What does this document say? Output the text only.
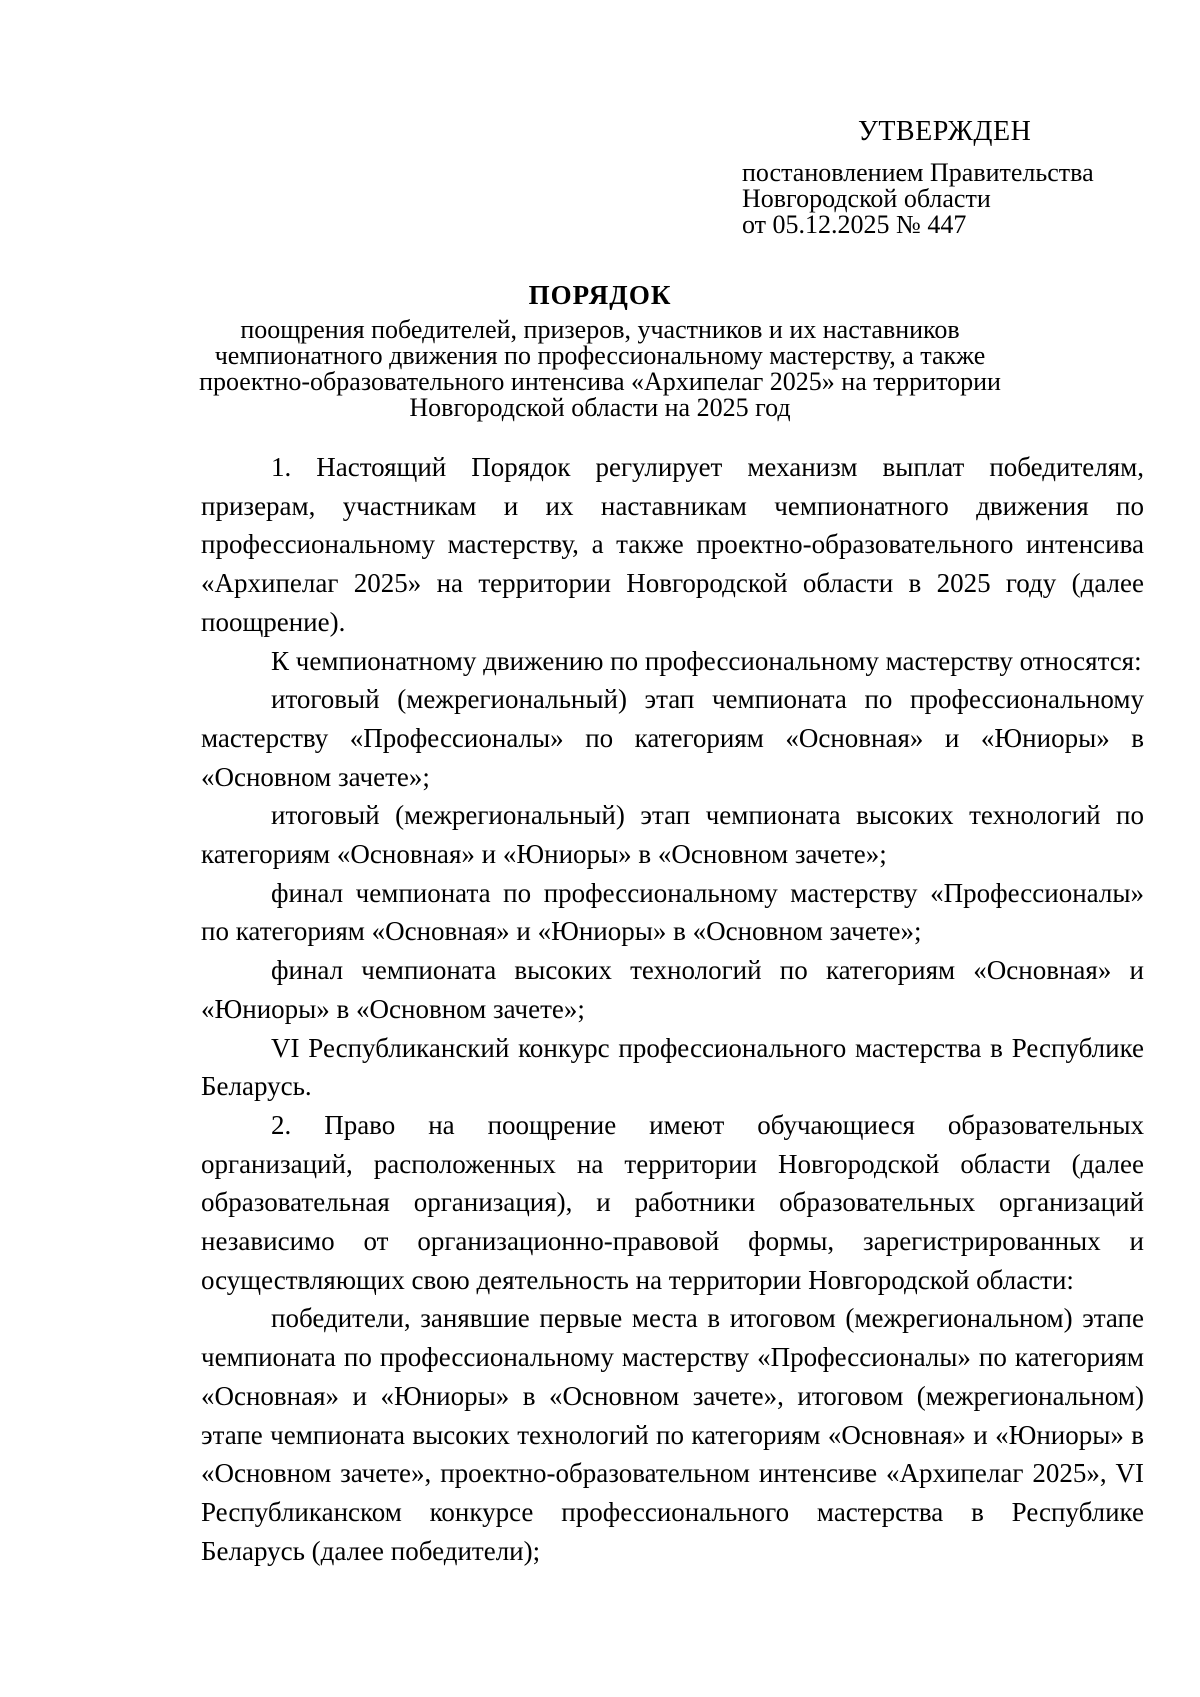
УТВЕРЖДЕН
постановлением Правительства
Новгородской области
от 05.12.2025 № 447
ПОРЯДОК
поощрения победителей, призеров, участников и их наставников
чемпионатного движения по профессиональному мастерству, а также
проектно-образовательного интенсива «Архипелаг 2025» на территории
Новгородской области на 2025 год

1. Настоящий Порядок регулирует механизм выплат победителям, призерам, участникам и их наставникам чемпионатного движения по профессиональному мастерству, а также проектно-образовательного интенсива «Архипелаг 2025» на территории Новгородской области в 2025 году (далее поощрение).

К чемпионатному движению по профессиональному мастерству относятся:

итоговый (межрегиональный) этап чемпионата по профессиональному мастерству «Профессионалы» по категориям «Основная» и «Юниоры» в «Основном зачете»;

итоговый (межрегиональный) этап чемпионата высоких технологий по категориям «Основная» и «Юниоры» в «Основном зачете»;

финал чемпионата по профессиональному мастерству «Профессионалы» по категориям «Основная» и «Юниоры» в «Основном зачете»;

финал чемпионата высоких технологий по категориям «Основная» и «Юниоры» в «Основном зачете»;

VI Республиканский конкурс профессионального мастерства в Республике Беларусь.

2. Право на поощрение имеют обучающиеся образовательных организаций, расположенных на территории Новгородской области (далее образовательная организация), и работники образовательных организаций независимо от организационно-правовой формы, зарегистрированных и осуществляющих свою деятельность на территории Новгородской области:

победители, занявшие первые места в итоговом (межрегиональном) этапе чемпионата по профессиональному мастерству «Профессионалы» по категориям «Основная» и «Юниоры» в «Основном зачете», итоговом (межрегиональном) этапе чемпионата высоких технологий по категориям «Основная» и «Юниоры» в «Основном зачете», проектно-образовательном интенсиве «Архипелаг 2025», VI Республиканском конкурсе профессионального мастерства в Республике Беларусь (далее победители);
